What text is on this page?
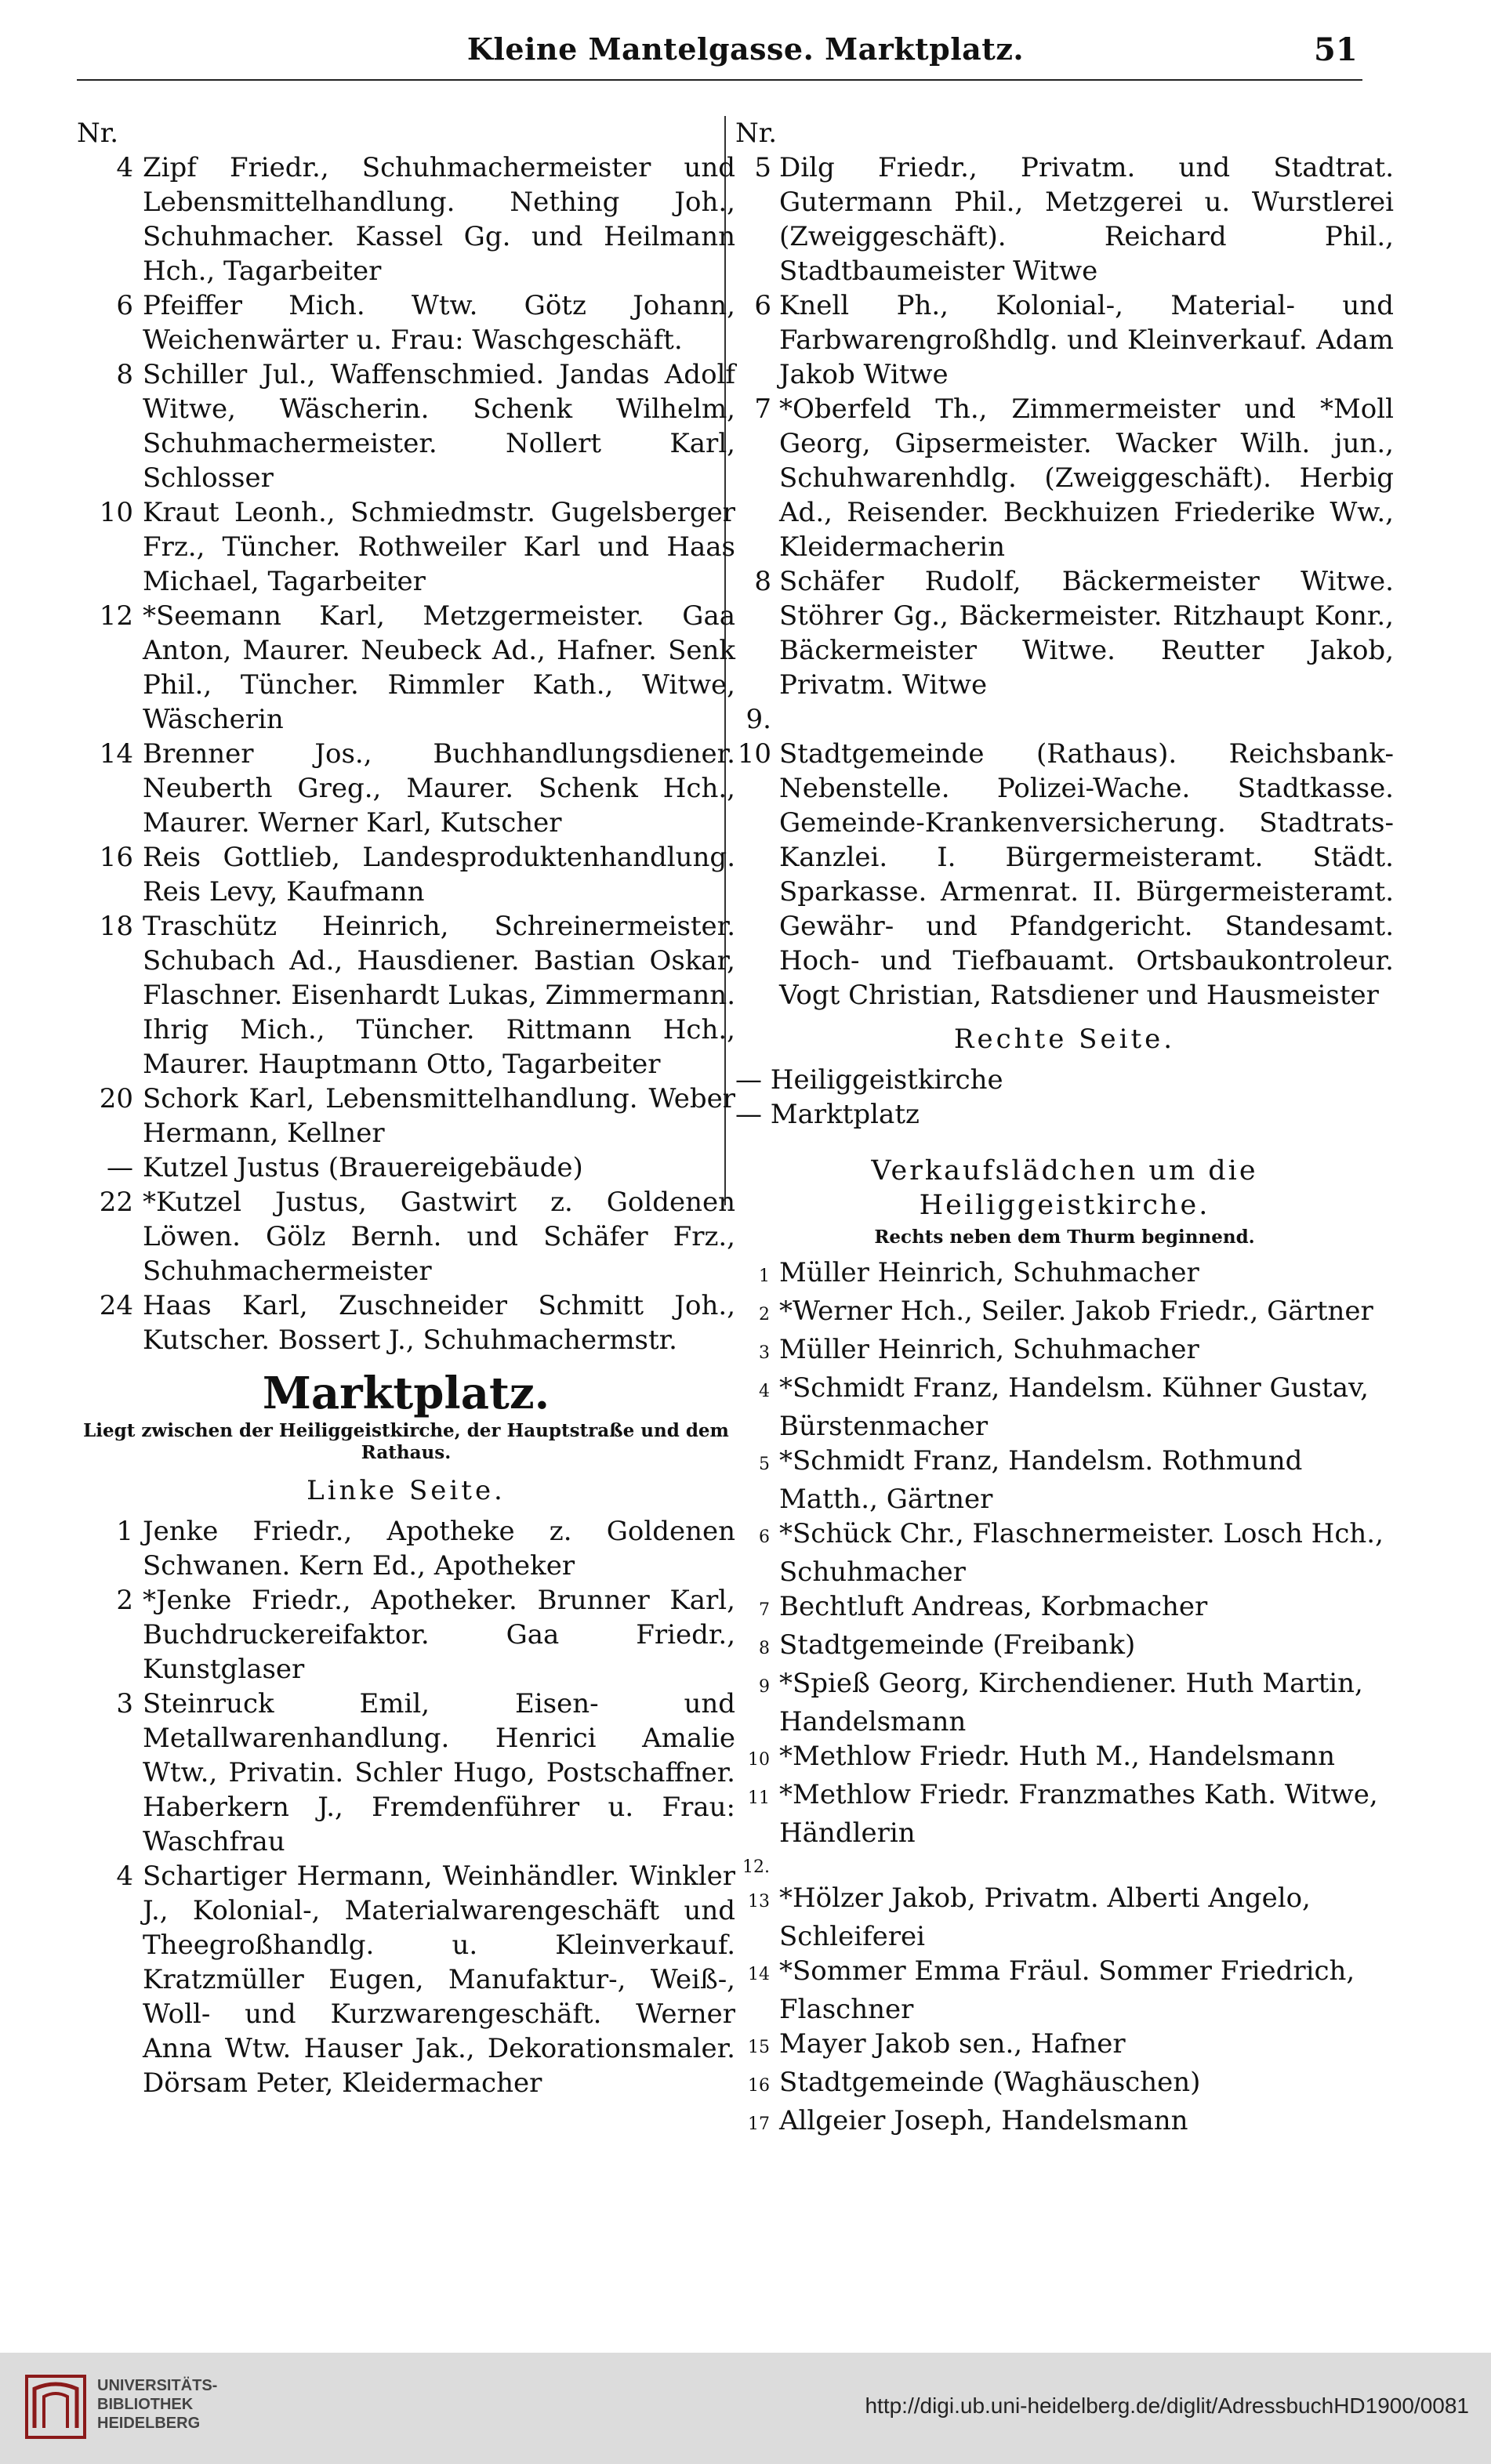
Kleine Mantelgasse. Marktplatz.	51

Nr.

4 Zipf Friedr., Schuhmachermeister und Lebensmittelhandlung. Nething Joh., Schuhmacher. Kassel Gg. und Heilmann Hch., Tagarbeiter

6 Pfeiffer Mich. Wtw. Götz Johann, Weichenwärter u. Frau: Waschgeschäft.

8 Schiller Jul., Waffenschmied. Jandas Adolf Witwe, Wäscherin. Schenk Wilhelm, Schuhmachermeister. Nollert Karl, Schlosser

10 Kraut Leonh., Schmiedmstr. Gugelsberger Frz., Tüncher. Rothweiler Karl und Haas Michael, Tagarbeiter

12 *Seemann Karl, Metzgermeister. Gaa Anton, Maurer. Neubeck Ad., Hafner. Senk Phil., Tüncher. Rimmler Kath., Witwe, Wäscherin

14 Brenner Jos., Buchhandlungsdiener. Neuberth Greg., Maurer. Schenk Hch., Maurer. Werner Karl, Kutscher

16 Reis Gottlieb, Landesproduktenhandlung. Reis Levy, Kaufmann

18 Traschütz Heinrich, Schreinermeister. Schubach Ad., Hausdiener. Bastian Oskar, Flaschner. Eisenhardt Lukas, Zimmermann. Ihrig Mich., Tüncher. Rittmann Hch., Maurer. Hauptmann Otto, Tagarbeiter

20 Schork Karl, Lebensmittelhandlung. Weber Hermann, Kellner

— Kutzel Justus (Brauereigebäude)

22 *Kutzel Justus, Gastwirt z. Goldenen Löwen. Gölz Bernh. und Schäfer Frz., Schuhmachermeister

24 Haas Karl, Zuschneider Schmitt Joh., Kutscher. Bossert J., Schuhmachermstr.

Marktplatz.

Liegt zwischen der Heiliggeistkirche, der Hauptstraße und dem Rathaus.

Linke Seite.

1 Jenke Friedr., Apotheke z. Goldenen Schwanen. Kern Ed., Apotheker

2 *Jenke Friedr., Apotheker. Brunner Karl, Buchdruckereifaktor. Gaa Friedr., Kunstglaser

3 Steinruck Emil, Eisen- und Metallwarenhandlung. Henrici Amalie Wtw., Privatin. Schler Hugo, Postschaffner. Haberkern J., Fremdenführer u. Frau: Waschfrau

4 Schartiger Hermann, Weinhändler. Winkler J., Kolonial-, Materialwarengeschäft und Theegroßhandlg. u. Kleinverkauf. Kratzmüller Eugen, Manufaktur-, Weiß-, Woll- und Kurzwarengeschäft. Werner Anna Wtw. Hauser Jak., Dekorationsmaler. Dörsam Peter, Kleidermacher

Nr.

5 Dilg Friedr., Privatm. und Stadtrat. Gutermann Phil., Metzgerei u. Wurstlerei (Zweiggeschäft). Reichard Phil., Stadtbaumeister Witwe

6 Knell Ph., Kolonial-, Material- und Farbwarengroßhdlg. und Kleinverkauf. Adam Jakob Witwe

7 *Oberfeld Th., Zimmermeister und *Moll Georg, Gipsermeister. Wacker Wilh. jun., Schuhwarenhdlg. (Zweiggeschäft). Herbig Ad., Reisender. Beckhuizen Friederike Ww., Kleidermacherin

8 Schäfer Rudolf, Bäckermeister Witwe. Stöhrer Gg., Bäckermeister. Ritzhaupt Konr., Bäckermeister Witwe. Reutter Jakob, Privatm. Witwe

9. 10 Stadtgemeinde (Rathaus). Reichsbank-Nebenstelle. Polizei-Wache. Stadtkasse. Gemeinde-Krankenversicherung. Stadtrats-Kanzlei. I. Bürgermeisteramt. Städt. Sparkasse. Armenrat. II. Bürgermeisteramt. Gewähr- und Pfandgericht. Standesamt. Hoch- und Tiefbauamt. Ortsbaukontroleur. Vogt Christian, Ratsdiener und Hausmeister

Rechte Seite.

— Heiliggeistkirche

— Marktplatz

Verkaufslädchen um die Heiliggeistkirche.

Rechts neben dem Thurm beginnend.

1 Müller Heinrich, Schuhmacher

2 *Werner Hch., Seiler. Jakob Friedr., Gärtner

3 Müller Heinrich, Schuhmacher

4 *Schmidt Franz, Handelsm. Kühner Gustav, Bürstenmacher

5 *Schmidt Franz, Handelsm. Rothmund Matth., Gärtner

6 *Schück Chr., Flaschnermeister. Losch Hch., Schuhmacher

7 Bechtluft Andreas, Korbmacher

8 Stadtgemeinde (Freibank)

9 *Spieß Georg, Kirchendiener. Huth Martin, Handelsmann

10 *Methlow Friedr. Huth M., Handelsmann

11 *Methlow Friedr. Franzmathes Kath. Witwe, Händlerin

12. 13 *Hölzer Jakob, Privatm. Alberti Angelo, Schleiferei

14 *Sommer Emma Fräul. Sommer Friedrich, Flaschner

15 Mayer Jakob sen., Hafner

16 Stadtgemeinde (Waghäuschen)

17 Allgeier Joseph, Handelsmann

UNIVERSITÄTS-
BIBLIOTHEK
HEIDELBERG
http://digi.ub.uni-heidelberg.de/diglit/AdressbuchHD1900/0081
